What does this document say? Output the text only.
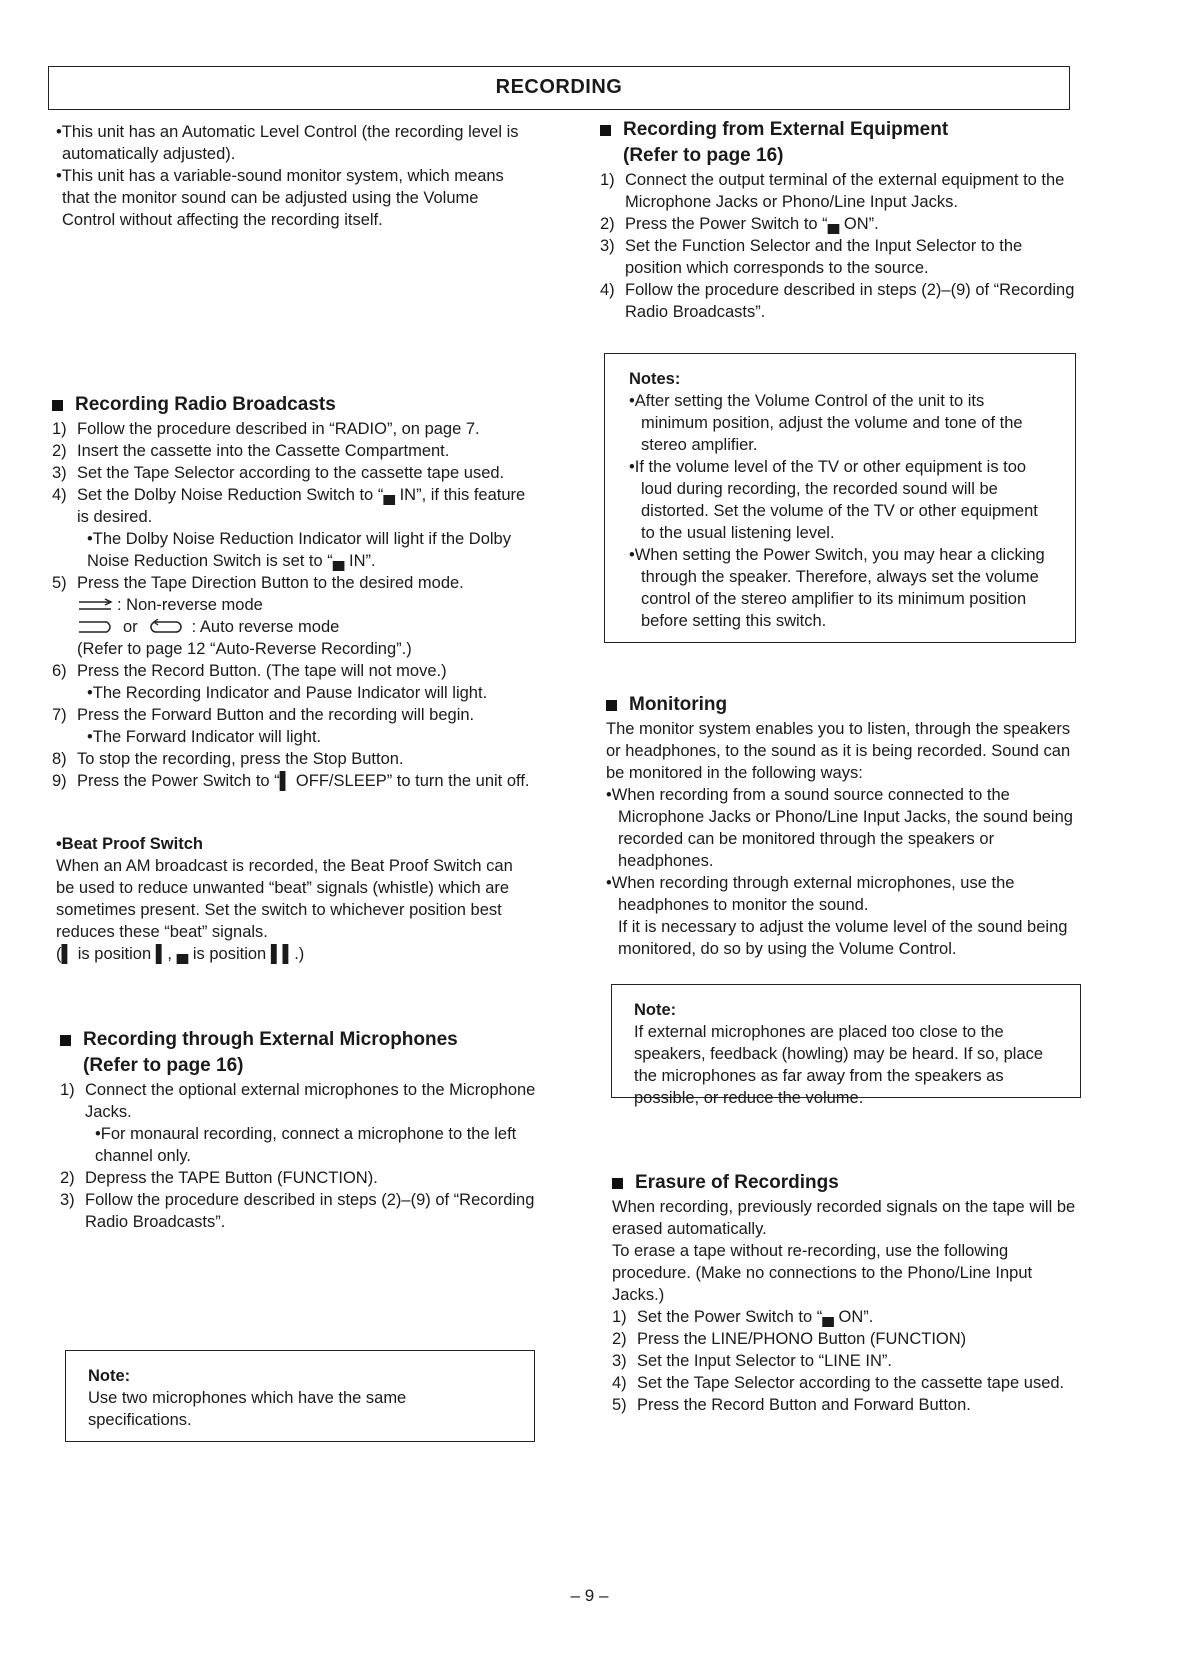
RECORDING

•This unit has an Automatic Level Control (the recording level is automatically adjusted).

•This unit has a variable-sound monitor system, which means that the monitor sound can be adjusted using the Volume Control without affecting the recording itself.

Recording Radio Broadcasts
1) Follow the procedure described in “RADIO”, on page 7.
2) Insert the cassette into the Cassette Compartment.
3) Set the Tape Selector according to the cassette tape used.
4) Set the Dolby Noise Reduction Switch to “▄ IN”, if this feature is desired.
•The Dolby Noise Reduction Indicator will light if the Dolby Noise Reduction Switch is set to “▄ IN”.
5) Press the Tape Direction Button to the desired mode.
: Non-reverse mode
or	: Auto reverse mode

(Refer to page 12 “Auto-Reverse Recording”.)

6) Press the Record Button. (The tape will not move.)
•The Recording Indicator and Pause Indicator will light.
7) Press the Forward Button and the recording will begin.
•The Forward Indicator will light.
8) To stop the recording, press the Stop Button.
9) Press the Power Switch to “▌ OFF/SLEEP” to turn the unit off.

•Beat Proof Switch

When an AM broadcast is recorded, the Beat Proof Switch can be used to reduce unwanted “beat” signals (whistle) which are sometimes present. Set the switch to whichever position best reduces these “beat” signals.

(▌ is position ▌, ▄ is position ▌▌.)

Recording through External Microphones
(Refer to page 16)
1) Connect the optional external microphones to the Microphone Jacks.
•For monaural recording, connect a microphone to the left channel only.
2) Depress the TAPE Button (FUNCTION).
3) Follow the procedure described in steps (2)–(9) of “Recording Radio Broadcasts”.

Note:

Use two microphones which have the same specifications.

Recording from External Equipment
(Refer to page 16)
1) Connect the output terminal of the external equipment to the Microphone Jacks or Phono/Line Input Jacks.
2) Press the Power Switch to “▄ ON”.
3) Set the Function Selector and the Input Selector to the position which corresponds to the source.
4) Follow the procedure described in steps (2)–(9) of “Recording Radio Broadcasts”.

Notes:

•After setting the Volume Control of the unit to its minimum position, adjust the volume and tone of the stereo amplifier.

•If the volume level of the TV or other equipment is too loud during recording, the recorded sound will be distorted. Set the volume of the TV or other equipment to the usual listening level.

•When setting the Power Switch, you may hear a clicking through the speaker. Therefore, always set the volume control of the stereo amplifier to its minimum position before setting this switch.

Monitoring

The monitor system enables you to listen, through the speakers or headphones, to the sound as it is being recorded. Sound can be monitored in the following ways:

•When recording from a sound source connected to the Microphone Jacks or Phono/Line Input Jacks, the sound being recorded can be monitored through the speakers or headphones.

•When recording through external microphones, use the headphones to monitor the sound.

If it is necessary to adjust the volume level of the sound being monitored, do so by using the Volume Control.

Note:

If external microphones are placed too close to the speakers, feedback (howling) may be heard. If so, place the microphones as far away from the speakers as possible, or reduce the volume.

Erasure of Recordings

When recording, previously recorded signals on the tape will be erased automatically.

To erase a tape without re-recording, use the following procedure. (Make no connections to the Phono/Line Input Jacks.)

1) Set the Power Switch to “▄ ON”.
2) Press the LINE/PHONO Button (FUNCTION)
3) Set the Input Selector to “LINE IN”.
4) Set the Tape Selector according to the cassette tape used.
5) Press the Record Button and Forward Button.
– 9 –
